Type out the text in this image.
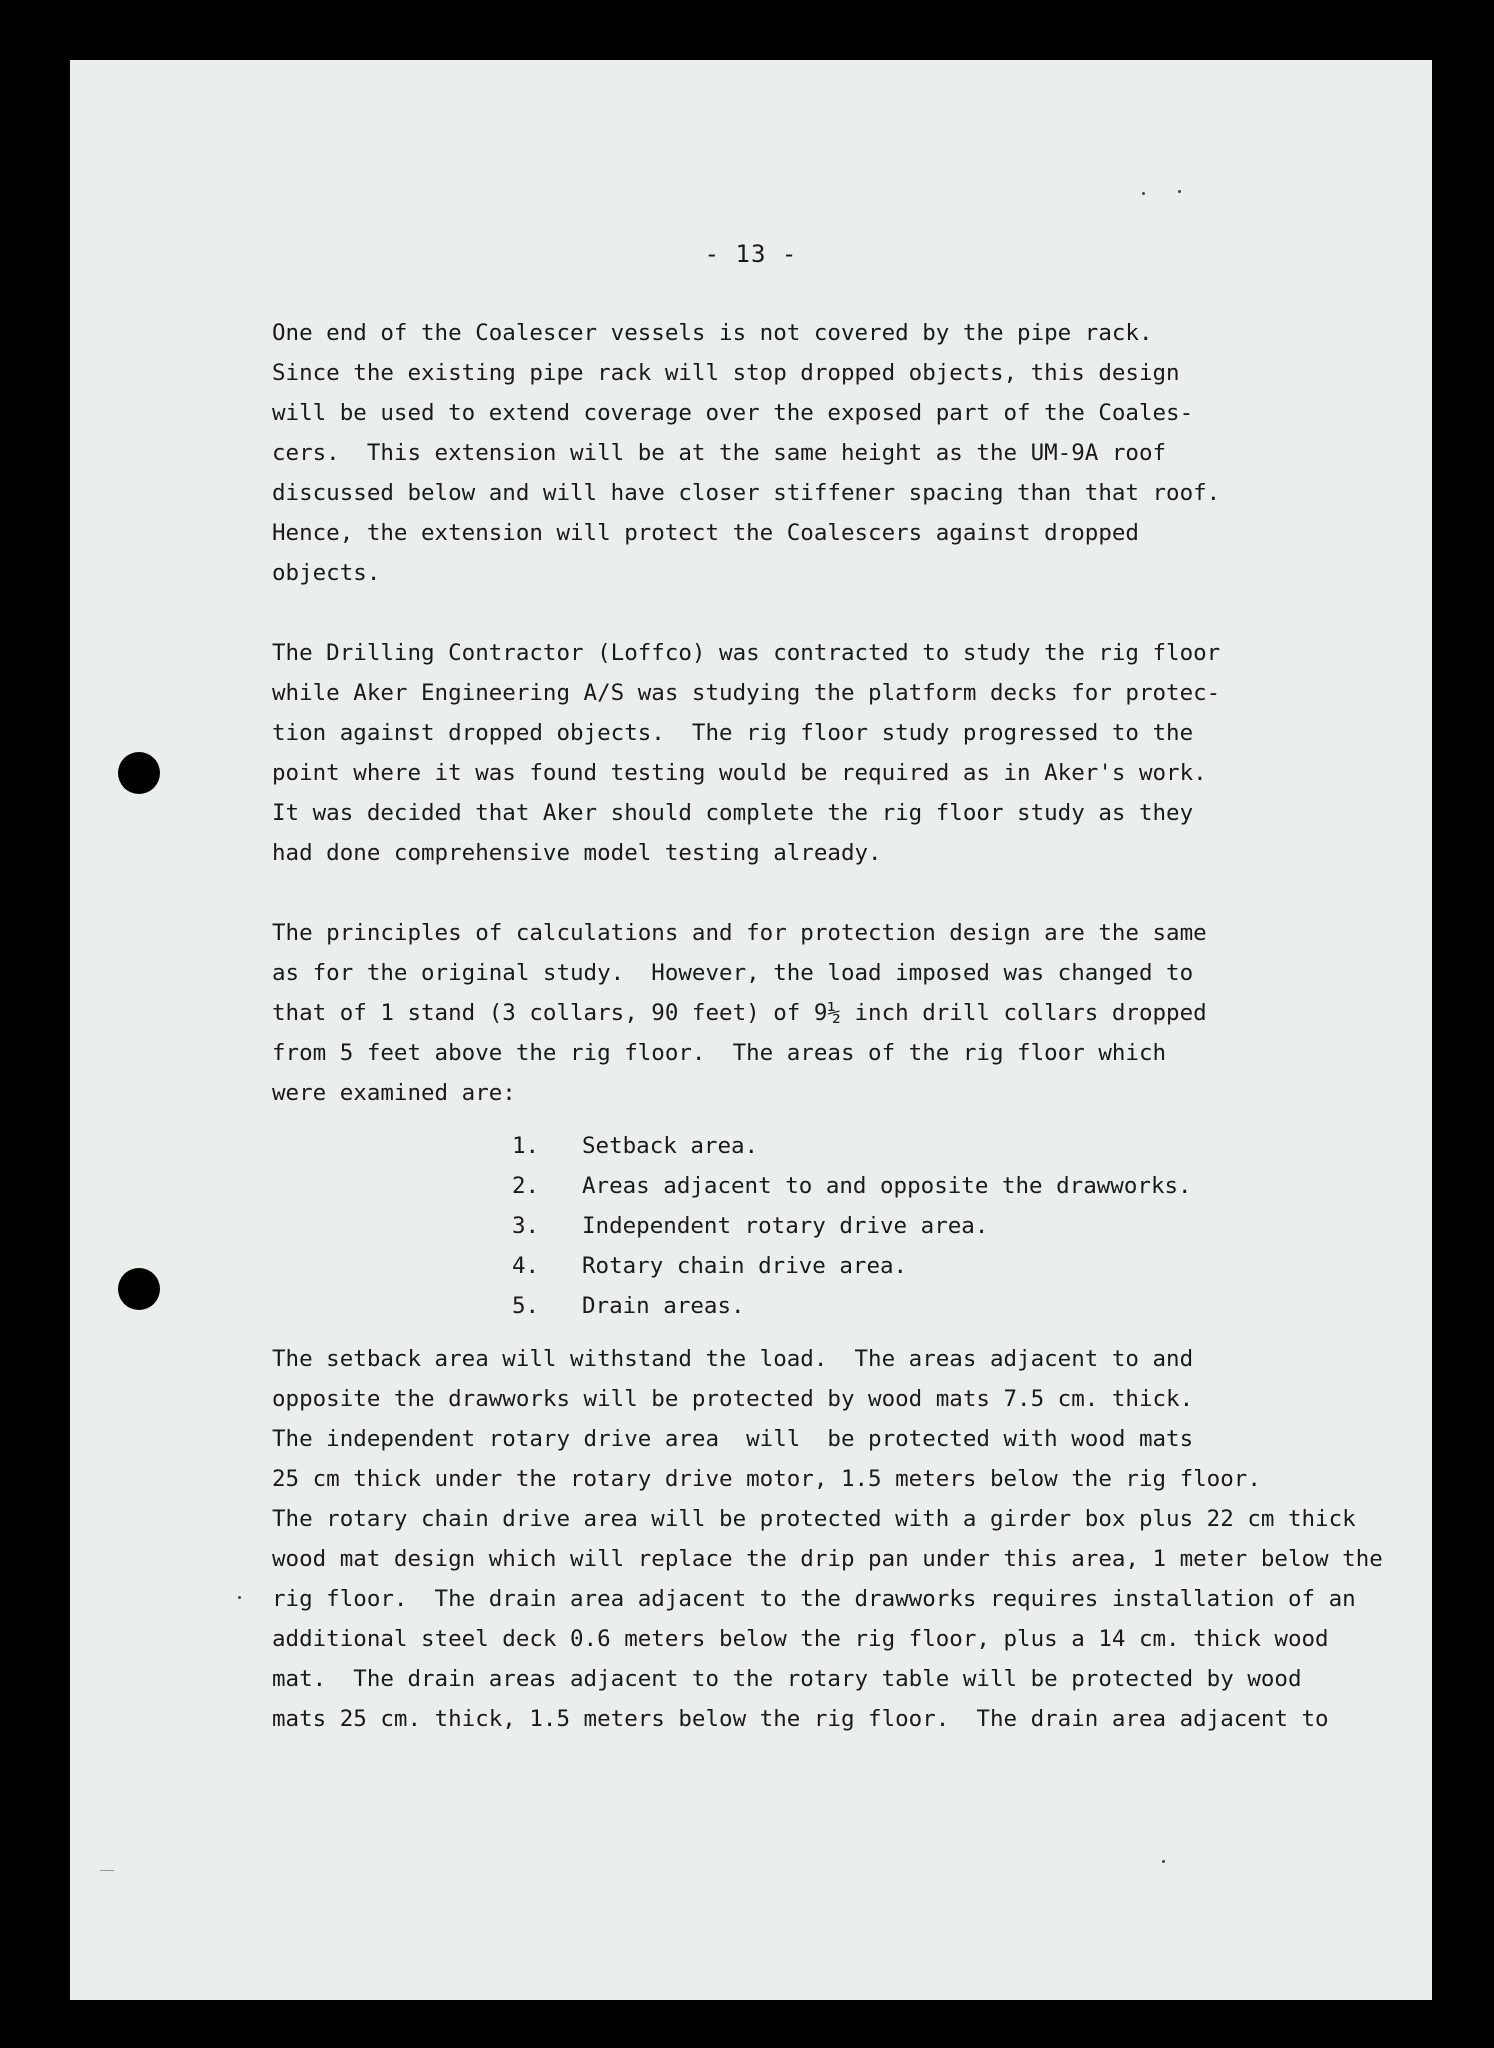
- 13 -
One end of the Coalescer vessels is not covered by the pipe rack.
Since the existing pipe rack will stop dropped objects, this design
will be used to extend coverage over the exposed part of the Coales-
cers.  This extension will be at the same height as the UM-9A roof
discussed below and will have closer stiffener spacing than that roof.
Hence, the extension will protect the Coalescers against dropped
objects.
The Drilling Contractor (Loffco) was contracted to study the rig floor
while Aker Engineering A/S was studying the platform decks for protec-
tion against dropped objects.  The rig floor study progressed to the
point where it was found testing would be required as in Aker's work.
It was decided that Aker should complete the rig floor study as they
had done comprehensive model testing already.
The principles of calculations and for protection design are the same
as for the original study.  However, the load imposed was changed to
that of 1 stand (3 collars, 90 feet) of 9½ inch drill collars dropped
from 5 feet above the rig floor.  The areas of the rig floor which
were examined are:
1. Setback area.
2. Areas adjacent to and opposite the drawworks.
3. Independent rotary drive area.
4. Rotary chain drive area.
5. Drain areas.
The setback area will withstand the load.  The areas adjacent to and
opposite the drawworks will be protected by wood mats 7.5 cm. thick.
The independent rotary drive area  will  be protected with wood mats
25 cm thick under the rotary drive motor, 1.5 meters below the rig floor.
The rotary chain drive area will be protected with a girder box plus 22 cm thick
wood mat design which will replace the drip pan under this area, 1 meter below the
rig floor.  The drain area adjacent to the drawworks requires installation of an
additional steel deck 0.6 meters below the rig floor, plus a 14 cm. thick wood
mat.  The drain areas adjacent to the rotary table will be protected by wood
mats 25 cm. thick, 1.5 meters below the rig floor.  The drain area adjacent to
